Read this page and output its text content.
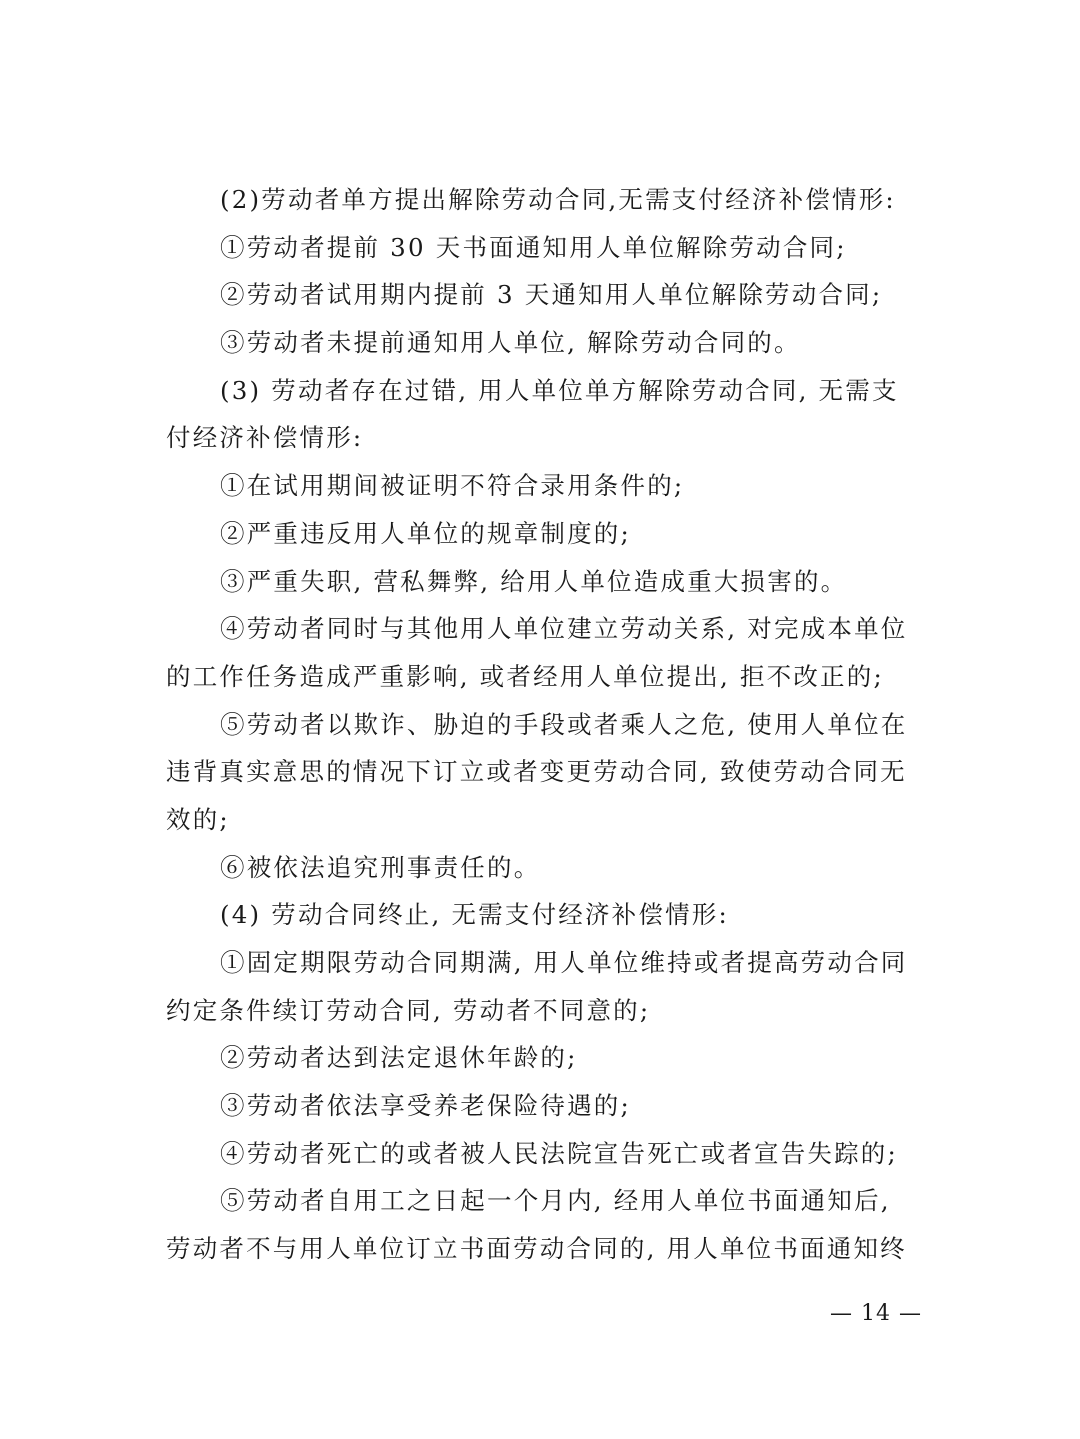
(2)劳动者单方提出解除劳动合同,无需支付经济补偿情形:
①劳动者提前 30 天书面通知用人单位解除劳动合同;
②劳动者试用期内提前 3 天通知用人单位解除劳动合同;
③劳动者未提前通知用人单位, 解除劳动合同的。
(3) 劳动者存在过错, 用人单位单方解除劳动合同, 无需支
付经济补偿情形:
①在试用期间被证明不符合录用条件的;
②严重违反用人单位的规章制度的;
③严重失职, 营私舞弊, 给用人单位造成重大损害的。
④劳动者同时与其他用人单位建立劳动关系, 对完成本单位
的工作任务造成严重影响, 或者经用人单位提出, 拒不改正的;
⑤劳动者以欺诈、胁迫的手段或者乘人之危, 使用人单位在
违背真实意思的情况下订立或者变更劳动合同, 致使劳动合同无
效的;
⑥被依法追究刑事责任的。
(4) 劳动合同终止, 无需支付经济补偿情形:
①固定期限劳动合同期满, 用人单位维持或者提高劳动合同
约定条件续订劳动合同, 劳动者不同意的;
②劳动者达到法定退休年龄的;
③劳动者依法享受养老保险待遇的;
④劳动者死亡的或者被人民法院宣告死亡或者宣告失踪的;
⑤劳动者自用工之日起一个月内, 经用人单位书面通知后,
劳动者不与用人单位订立书面劳动合同的, 用人单位书面通知终
— 14 —
